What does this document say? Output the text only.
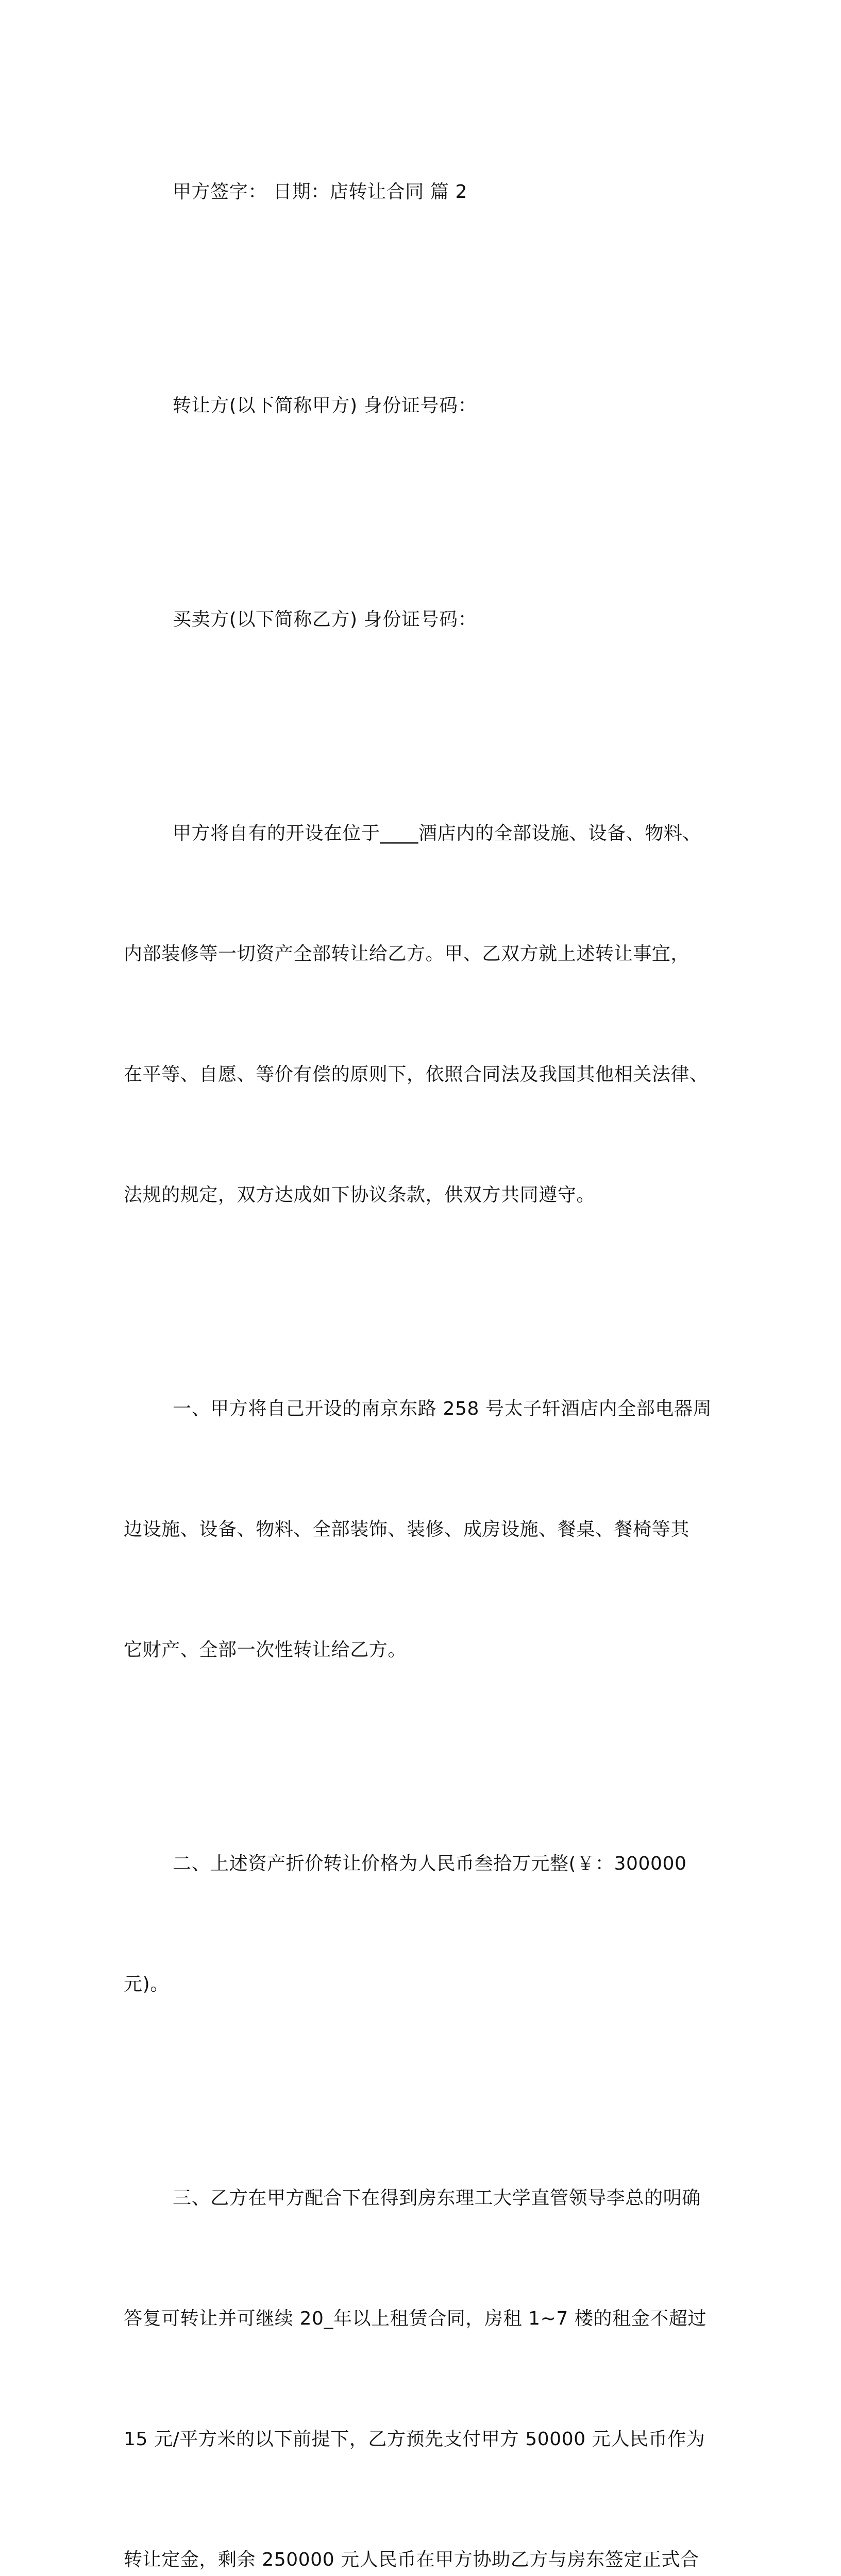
甲方签字： 日期：店转让合同 篇 2

转让方(以下简称甲方) 身份证号码：

买卖方(以下简称乙方) 身份证号码：

甲方将自有的开设在位于____酒店内的全部设施、设备、物料、

内部装修等一切资产全部转让给乙方。甲、乙双方就上述转让事宜，

在平等、自愿、等价有偿的原则下，依照合同法及我国其他相关法律、

法规的规定，双方达成如下协议条款，供双方共同遵守。

一、甲方将自己开设的南京东路 258 号太子轩酒店内全部电器周

边设施、设备、物料、全部装饰、装修、成房设施、餐桌、餐椅等其

它财产、全部一次性转让给乙方。

二、上述资产折价转让价格为人民币叁拾万元整(￥：300000

元)。

三、乙方在甲方配合下在得到房东理工大学直管领导李总的明确

答复可转让并可继续 20_年以上租赁合同，房租 1~7 楼的租金不超过

15 元/平方米的以下前提下，乙方预先支付甲方 50000 元人民币作为

转让定金，剩余 250000 元人民币在甲方协助乙方与房东签定正式合
